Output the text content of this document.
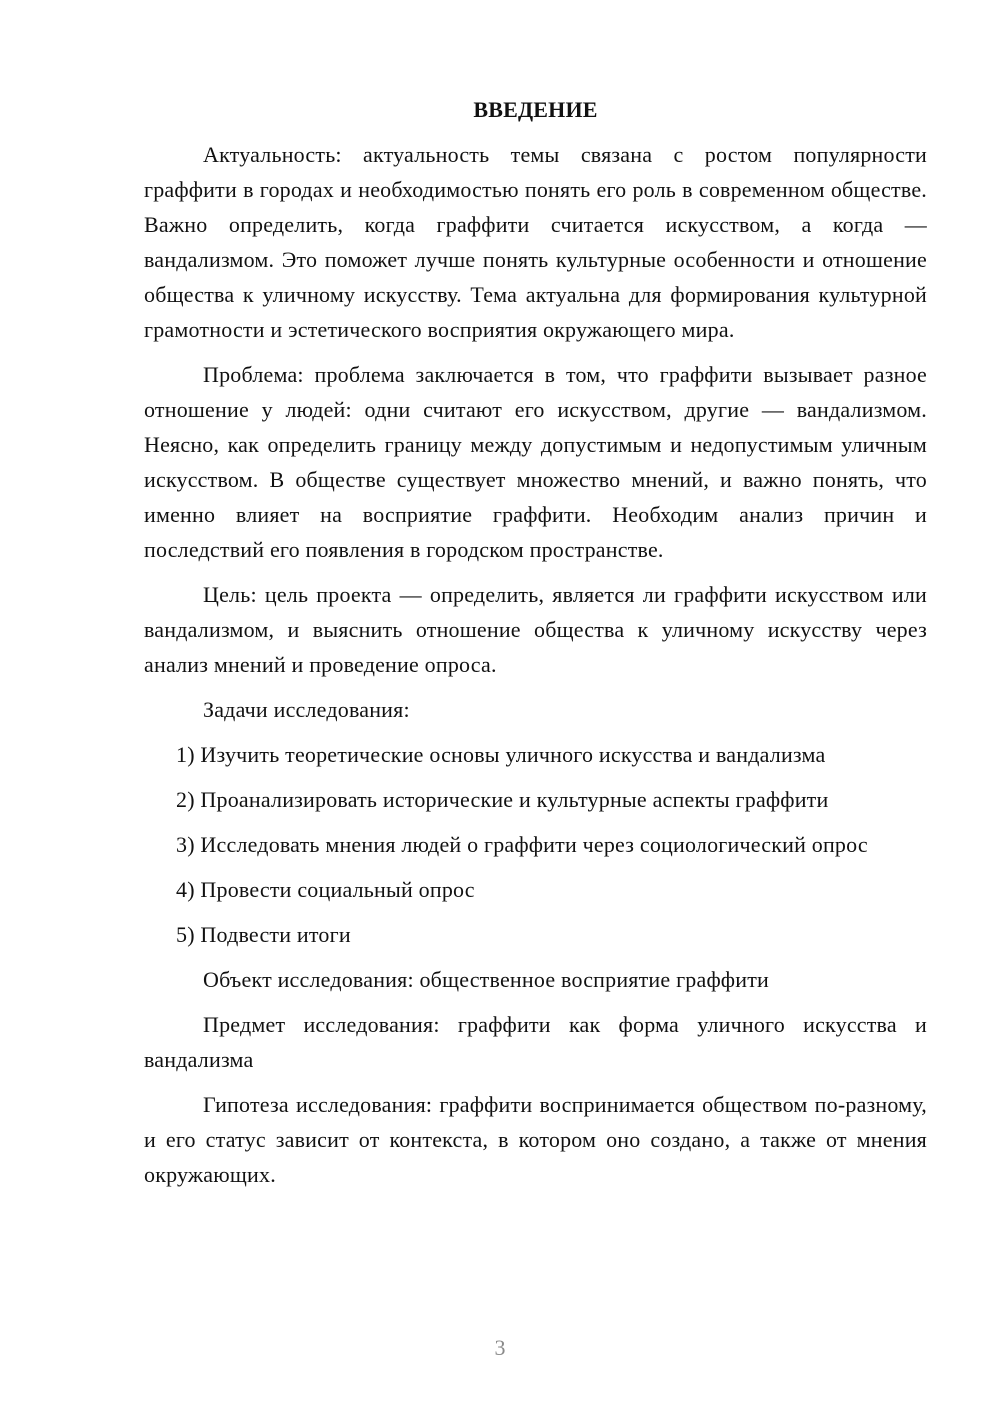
ВВЕДЕНИЕ

Актуальность: актуальность темы связана с ростом популярности граффити в городах и необходимостью понять его роль в современном обществе. Важно определить, когда граффити считается искусством, а когда — вандализмом. Это поможет лучше понять культурные особенности и отношение общества к уличному искусству. Тема актуальна для формирования культурной грамотности и эстетического восприятия окружающего мира.

Проблема: проблема заключается в том, что граффити вызывает разное отношение у людей: одни считают его искусством, другие — вандализмом. Неясно, как определить границу между допустимым и недопустимым уличным искусством. В обществе существует множество мнений, и важно понять, что именно влияет на восприятие граффити. Необходим анализ причин и последствий его появления в городском пространстве.

Цель: цель проекта — определить, является ли граффити искусством или вандализмом, и выяснить отношение общества к уличному искусству через анализ мнений и проведение опроса.

Задачи исследования:

1) Изучить теоретические основы уличного искусства и вандализма

2) Проанализировать исторические и культурные аспекты граффити

3) Исследовать мнения людей о граффити через социологический опрос

4) Провести социальный опрос

5) Подвести итоги

Объект исследования: общественное восприятие граффити

Предмет исследования: граффити как форма уличного искусства и вандализма

Гипотеза исследования: граффити воспринимается обществом по-разному, и его статус зависит от контекста, в котором оно создано, а также от мнения окружающих.

3
